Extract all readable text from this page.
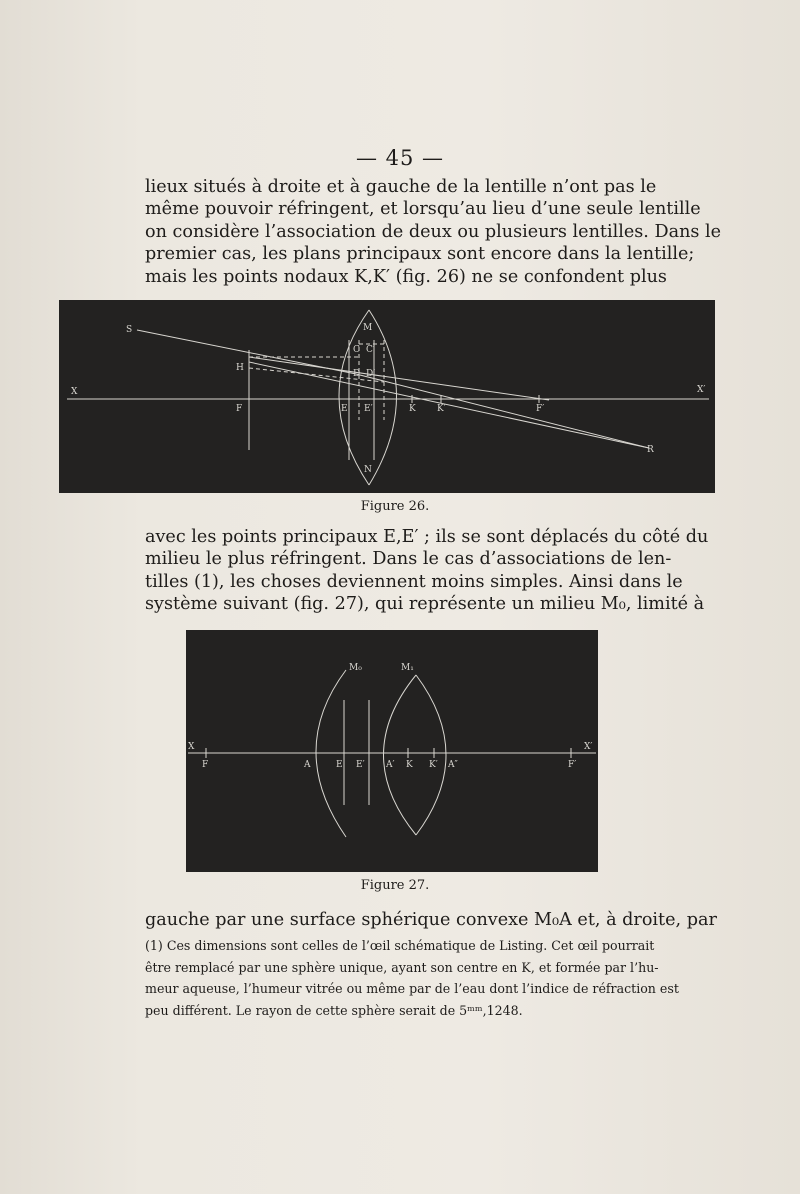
— 45 —
lieux situés à droite et à gauche de la lentille n’ont pas le
même pouvoir réfringent, et lorsqu’au lieu d’une seule lentille
on considère l’association de deux ou plusieurs lentilles. Dans le
premier cas, les plans principaux sont encore dans la lentille;
mais les points nodaux K,K′ (fig. 26) ne se confondent plus
S	M
C C′
H
D D′
X	X′
F	E E′	K K′	F′
R
N
Figure 26.
avec les points principaux E,E′ ; ils se sont déplacés du côté du
milieu le plus réfringent. Dans le cas d’associations de len-
tilles (1), les choses deviennent moins simples. Ainsi dans le
système suivant (fig. 27), qui représente un milieu M₀, limité à
M₀	M₁
X	X′
F	A	E E′ A′ K K′ A″	F′
Figure 27.
gauche par une surface sphérique convexe M₀A et, à droite, par
(1) Ces dimensions sont celles de l’œil schématique de Listing. Cet œil pourrait
être remplacé par une sphère unique, ayant son centre en K, et formée par l’hu-
meur aqueuse, l’humeur vitrée ou même par de l’eau dont l’indice de réfraction est
peu différent. Le rayon de cette sphère serait de 5ᵐᵐ,1248.
